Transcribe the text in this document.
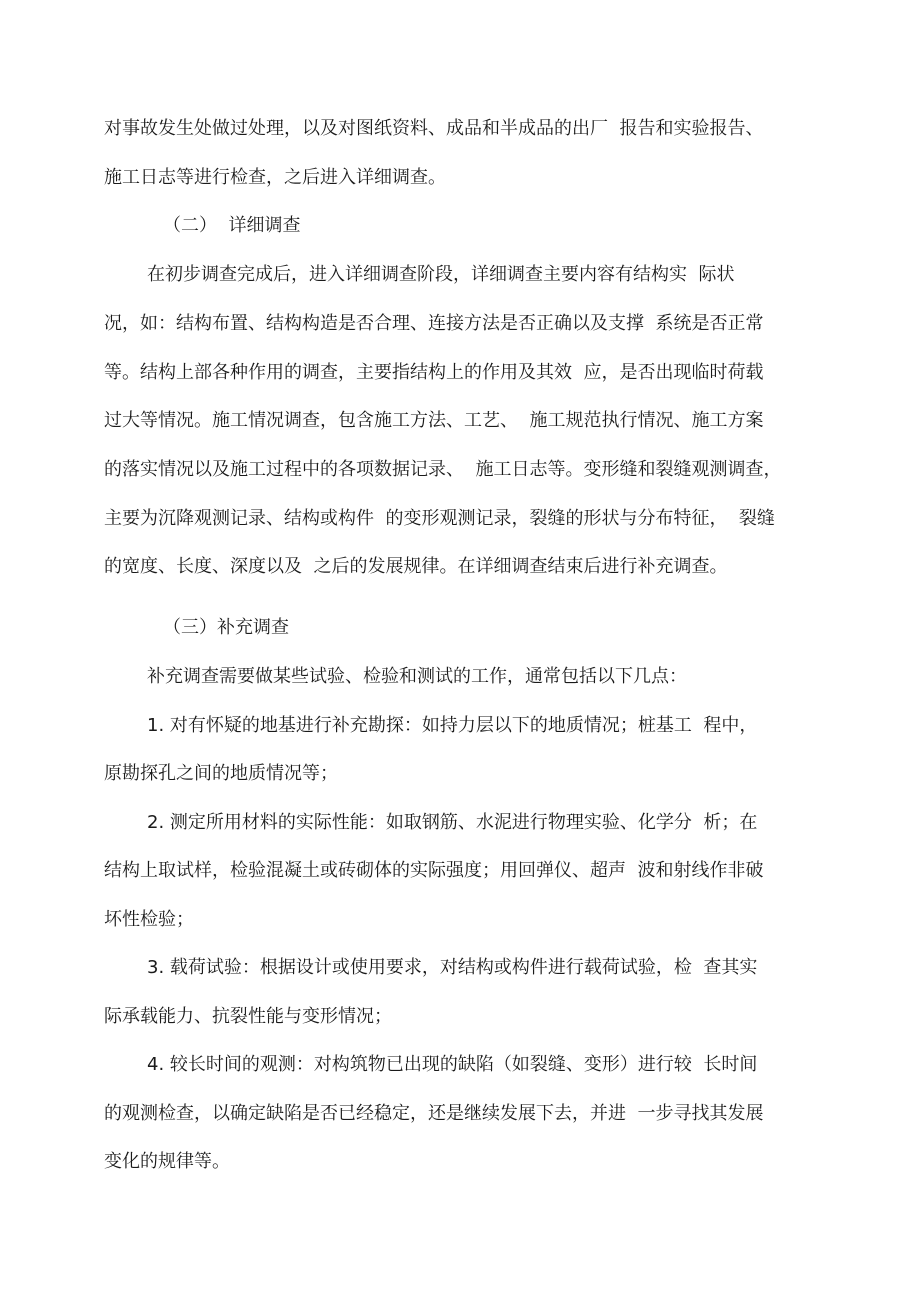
对事故发生处做过处理，以及对图纸资料、成品和半成品的出厂  报告和实验报告、

施工日志等进行检查，之后进入详细调查。

（二）  详细调查

在初步调查完成后，进入详细调查阶段，详细调查主要内容有结构实  际状

况，如：结构布置、结构构造是否合理、连接方法是否正确以及支撑  系统是否正常

等。结构上部各种作用的调查，主要指结构上的作用及其效  应，是否出现临时荷载

过大等情况。施工情况调查，包含施工方法、工艺、  施工规范执行情况、施工方案

的落实情况以及施工过程中的各项数据记录、  施工日志等。变形缝和裂缝观测调查，

主要为沉降观测记录、结构或构件  的变形观测记录，裂缝的形状与分布特征，  裂缝

的宽度、长度、深度以及  之后的发展规律。在详细调查结束后进行补充调查。

（三）补充调查

补充调查需要做某些试验、检验和测试的工作，通常包括以下几点：

1. 对有怀疑的地基进行补充勘探：如持力层以下的地质情况；桩基工  程中，

原勘探孔之间的地质情况等；

2. 测定所用材料的实际性能：如取钢筋、水泥进行物理实验、化学分  析；在

结构上取试样，检验混凝土或砖砌体的实际强度；用回弹仪、超声  波和射线作非破

坏性检验；

3. 载荷试验：根据设计或使用要求，对结构或构件进行载荷试验，检  查其实

际承载能力、抗裂性能与变形情况；

4. 较长时间的观测：对构筑物已出现的缺陷（如裂缝、变形）进行较  长时间

的观测检查，以确定缺陷是否已经稳定，还是继续发展下去，并进  一步寻找其发展

变化的规律等。
